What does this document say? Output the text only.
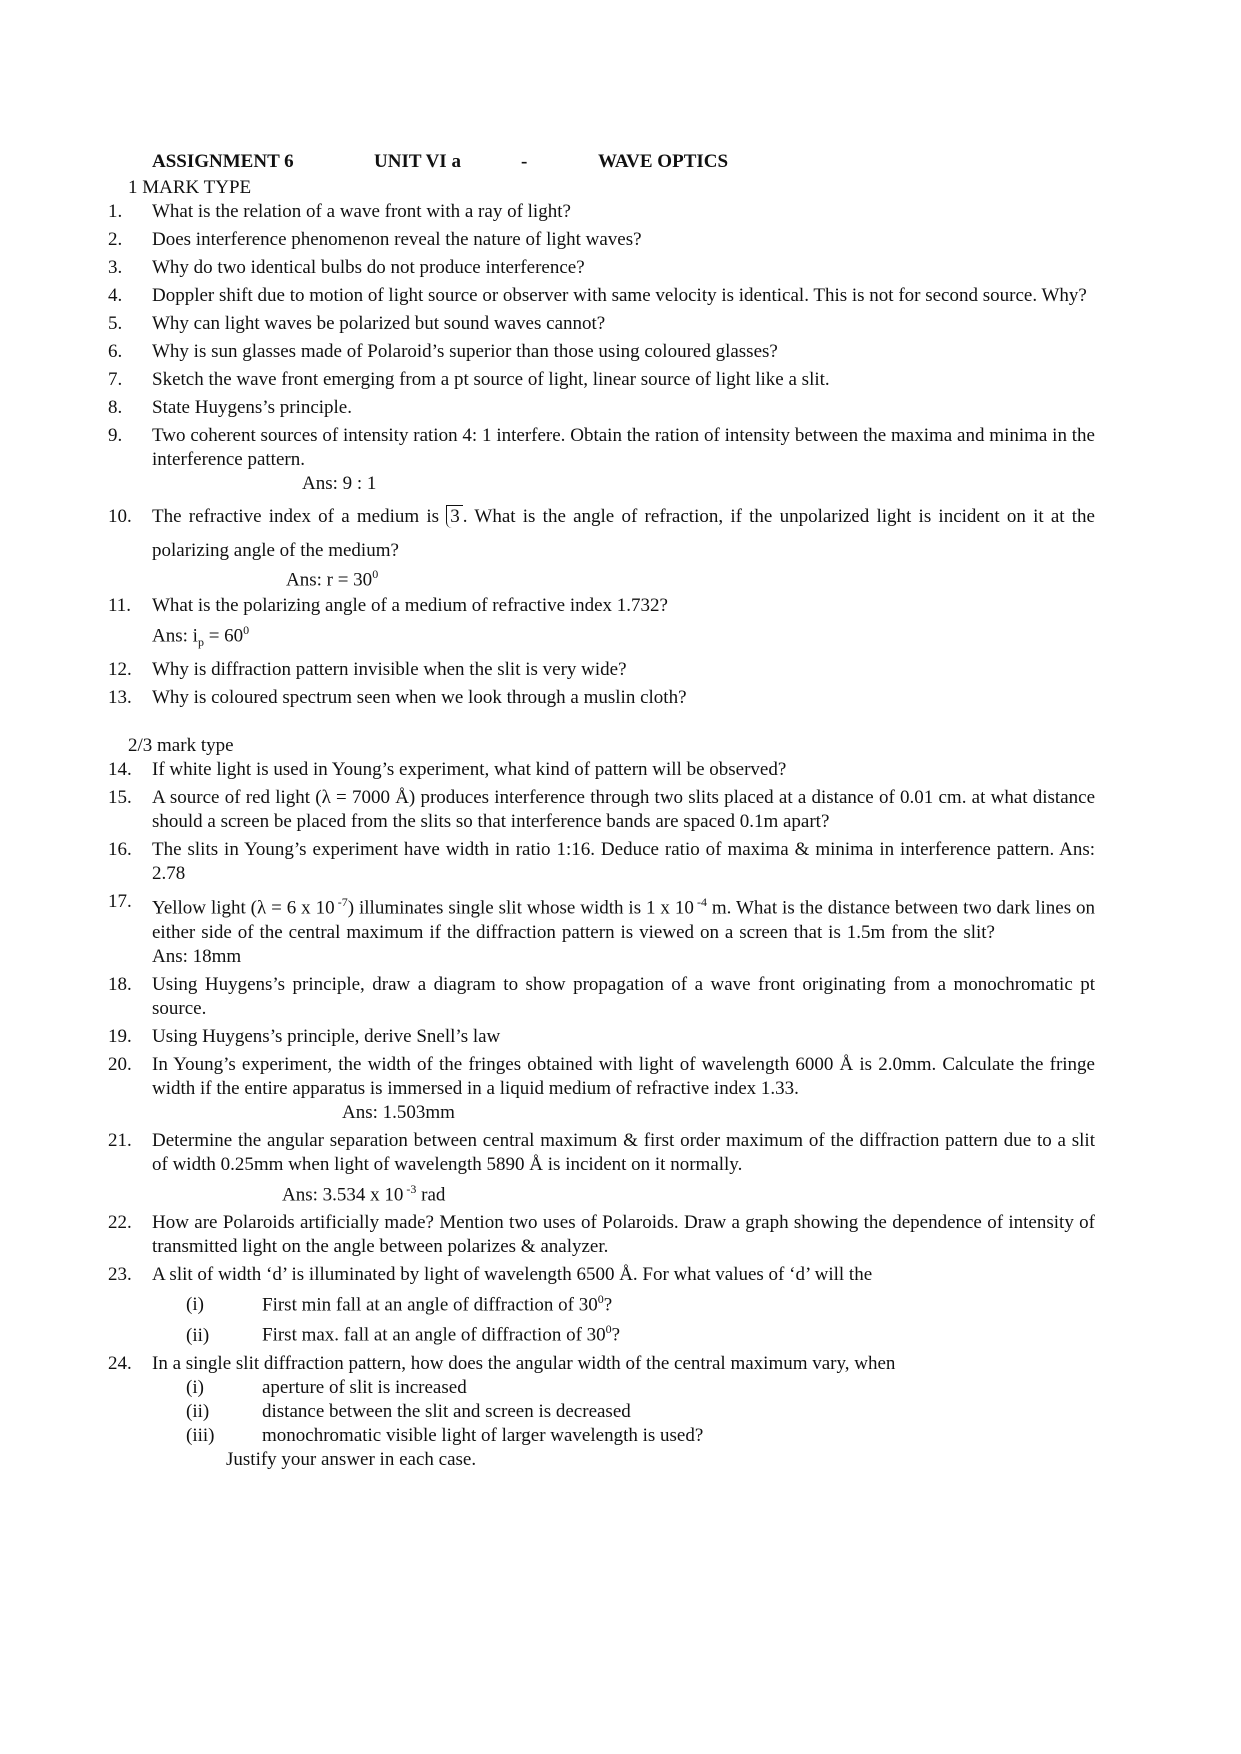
ASSIGNMENT 6	UNIT VI a	-	WAVE OPTICS
1 MARK TYPE
1.	What is the relation of a wave front with a ray of light?
2.	Does interference phenomenon reveal the nature of light waves?
3.	Why do two identical bulbs do not produce interference?
4.	Doppler shift due to motion of light source or observer with same velocity is identical. This is not for second source. Why?
5.	Why can light waves be polarized but sound waves cannot?
6.	Why is sun glasses made of Polaroid’s superior than those using coloured glasses?
7.	Sketch the wave front emerging from a pt source of light, linear source of light like a slit.
8.	State Huygens’s principle.
9.	Two coherent sources of intensity ration 4: 1 interfere. Obtain the ration of intensity between the maxima and minima in the interference pattern.
Ans: 9 : 1
10.	The refractive index of a medium is 3 . What is the angle of refraction, if the unpolarized light is incident on it at the polarizing angle of the medium?
Ans: $r = 30^0$
11.	What is the polarizing angle of a medium of refractive index 1.732?
Ans: $i_p = 60^0$
12.	Why is diffraction pattern invisible when the slit is very wide?
13.	Why is coloured spectrum seen when we look through a muslin cloth?
2/3 mark type
14.	If white light is used in Young’s experiment, what kind of pattern will be observed?
15.	A source of red light (λ = 7000 Å) produces interference through two slits placed at a distance of 0.01 cm. at what distance should a screen be placed from the slits so that interference bands are spaced 0.1m apart?
16.	The slits in Young’s experiment have width in ratio 1:16. Deduce ratio of maxima & minima in interference pattern. Ans: 2.78
17.	Yellow light (λ = 6 x 10 $^{-7}$) illuminates single slit whose width is 1 x 10 $^{-4}$ m. What is the distance between two dark lines on either side of the central maximum if the diffraction pattern is viewed on a screen that is 1.5m from the slit?Ans: 18mm
18.	Using Huygens’s principle, draw a diagram to show propagation of a wave front originating from a monochromatic pt source.
19.	Using Huygens’s principle, derive Snell’s law
20.	In Young’s experiment, the width of the fringes obtained with light of wavelength 6000 Å is 2.0mm. Calculate the fringe width if the entire apparatus is immersed in a liquid medium of refractive index 1.33.
Ans: 1.503mm
21.	Determine the angular separation between central maximum & first order maximum of the diffraction pattern due to a slit of width 0.25mm when light of wavelength 5890 Å is incident on it normally.
Ans: 3.534 x 10 $^{-3}$ rad
22.	How are Polaroids artificially made? Mention two uses of Polaroids. Draw a graph showing the dependence of intensity of transmitted light on the angle between polarizes & analyzer.
23.	A slit of width ‘d’ is illuminated by light of wavelength 6500 Å. For what values of ‘d’ will the
(i)	First min fall at an angle of diffraction of $30^0$?
(ii)	First max. fall at an angle of diffraction of $30^0$?
24.	In a single slit diffraction pattern, how does the angular width of the central maximum vary, when
(i)	aperture of slit is increased
(ii)	distance between the slit and screen is decreased
(iii)	monochromatic visible light of larger wavelength is used?
Justify your answer in each case.
